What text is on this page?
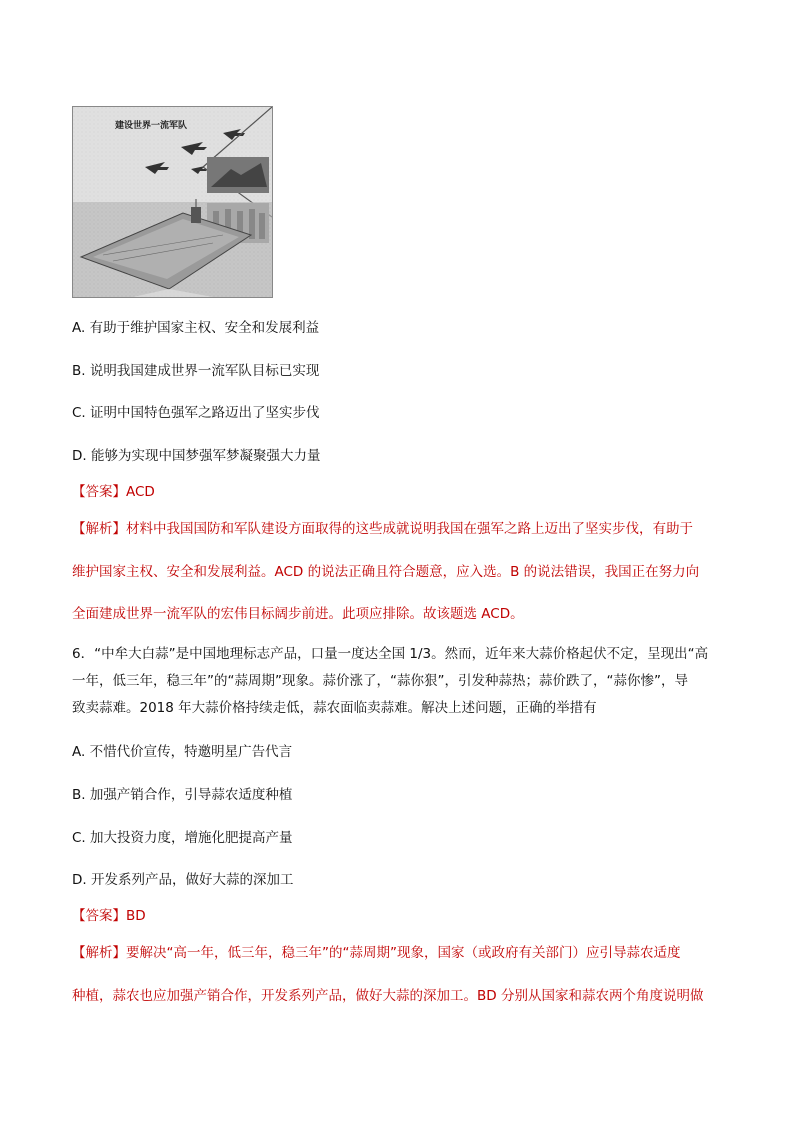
建设世界一流军队
A. 有助于维护国家主权、安全和发展利益
B. 说明我国建成世界一流军队目标已实现
C. 证明中国特色强军之路迈出了坚实步伐
D. 能够为实现中国梦强军梦凝聚强大力量
【答案】ACD
【解析】材料中我国国防和军队建设方面取得的这些成就说明我国在强军之路上迈出了坚实步伐，有助于
维护国家主权、安全和发展利益。ACD 的说法正确且符合题意，应入选。B 的说法错误，我国正在努力向
全面建成世界一流军队的宏伟目标阔步前进。此项应排除。故该题选 ACD。
6．“中牟大白蒜”是中国地理标志产品，口量一度达全国 1/3。然而，近年来大蒜价格起伏不定，呈现出“高
一年，低三年，稳三年”的“蒜周期”现象。蒜价涨了，“蒜你狠”，引发种蒜热；蒜价跌了，“蒜你惨”，导
致卖蒜难。2018 年大蒜价格持续走低，蒜农面临卖蒜难。解决上述问题，正确的举措有
A. 不惜代价宣传，特邀明星广告代言
B. 加强产销合作，引导蒜农适度种植
C. 加大投资力度，增施化肥提高产量
D. 开发系列产品，做好大蒜的深加工
【答案】BD
【解析】要解决“高一年，低三年，稳三年”的“蒜周期”现象，国家（或政府有关部门）应引导蒜农适度
种植，蒜农也应加强产销合作，开发系列产品，做好大蒜的深加工。BD 分别从国家和蒜农两个角度说明做
